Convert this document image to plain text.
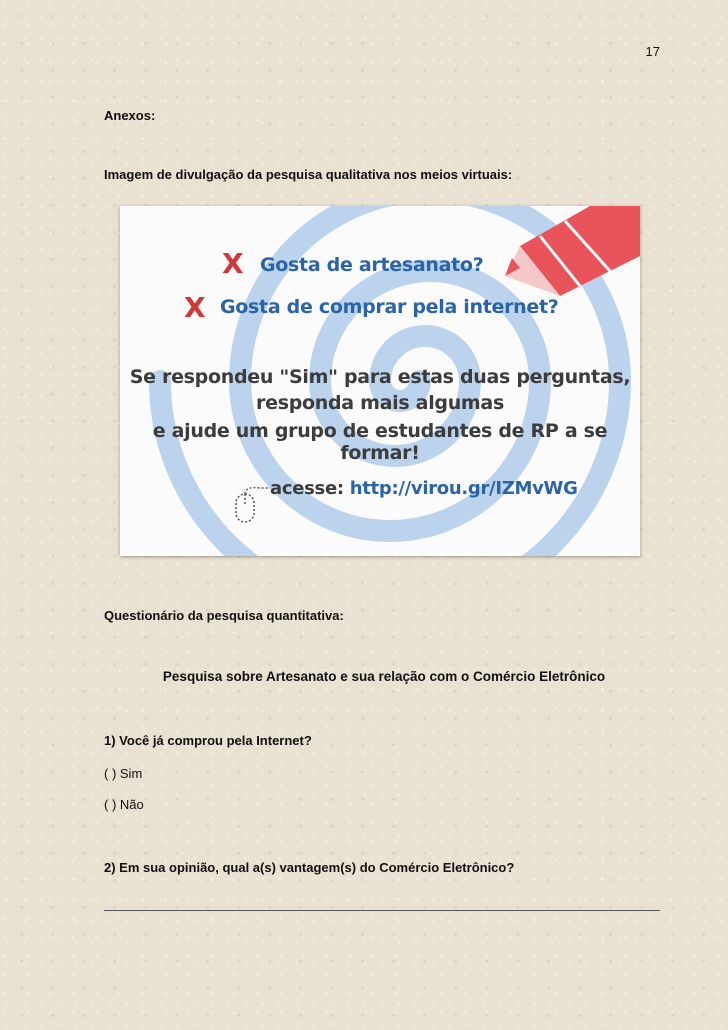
17
Anexos:
Imagem de divulgação da pesquisa qualitativa nos meios virtuais:
X Gosta de artesanato?
X Gosta de comprar pela internet?
Se respondeu "Sim" para estas duas perguntas,
responda mais algumas
e ajude um grupo de estudantes de RP a se formar!
acesse: http://virou.gr/IZMvWG
Questionário da pesquisa quantitativa:
Pesquisa sobre Artesanato e sua relação com o Comércio Eletrônico
1) Você já comprou pela Internet?
( ) Sim
( ) Não
2) Em sua opinião, qual a(s) vantagem(s) do Comércio Eletrônico?
